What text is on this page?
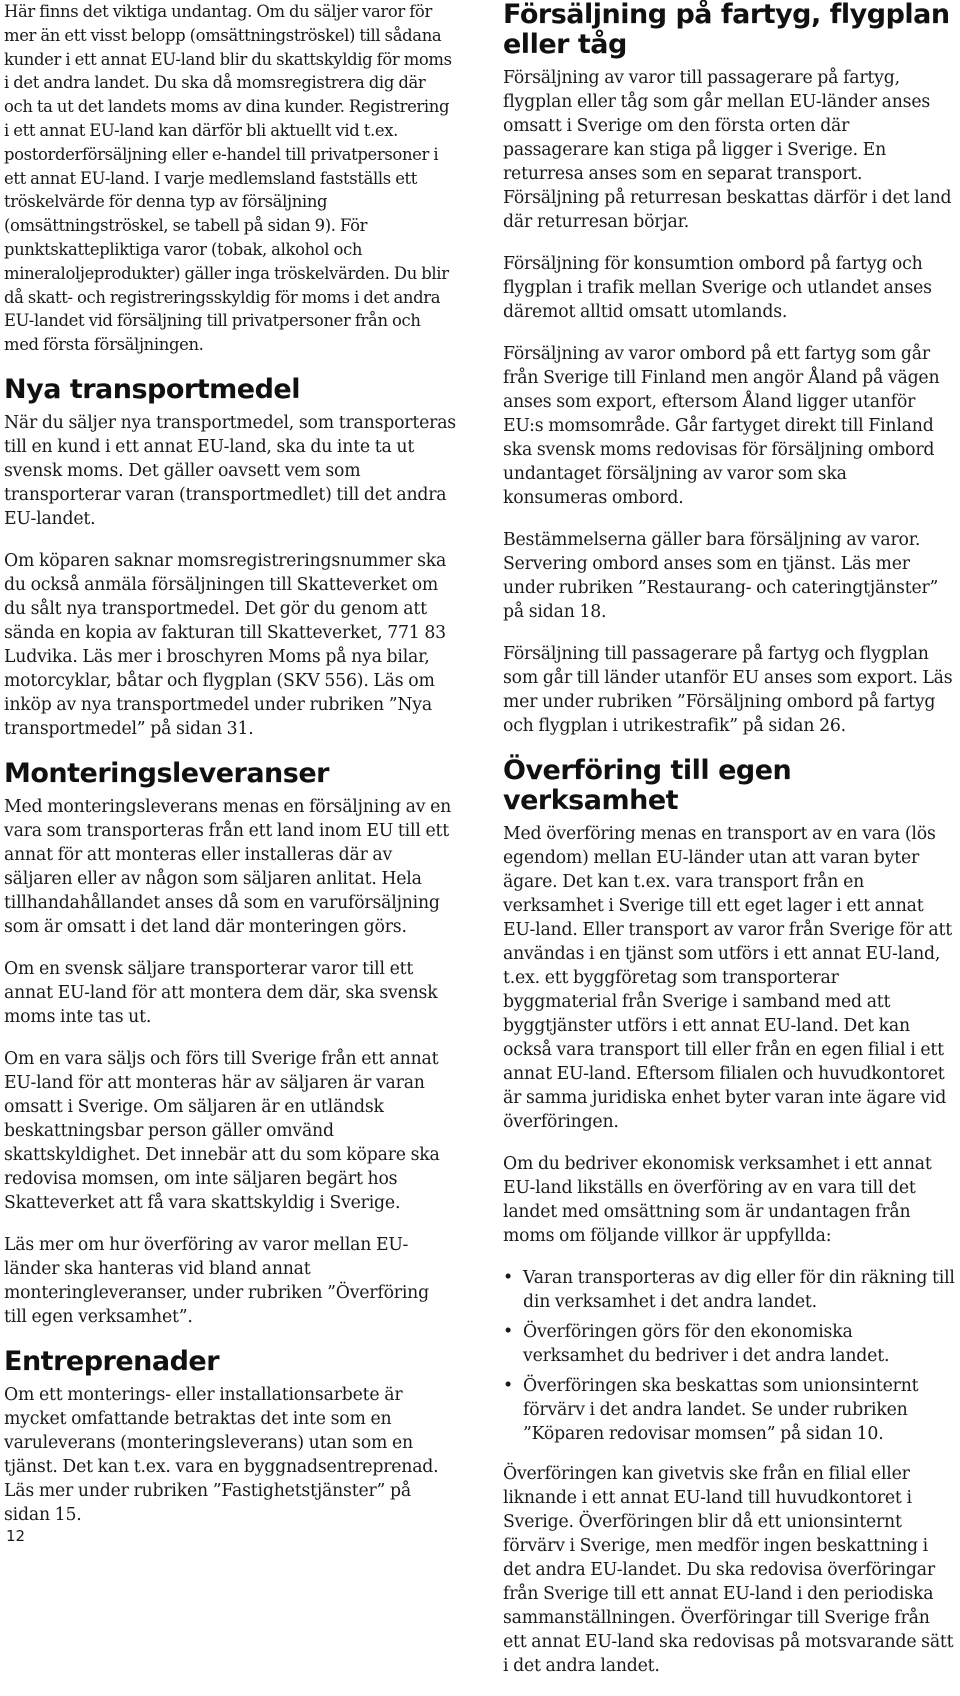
Här finns det viktiga undantag. Om du säljer varor för mer än ett visst belopp (omsättningströskel) till sådana kunder i ett annat EU-land blir du skattskyldig för moms i det andra landet. Du ska då momsregistrera dig där och ta ut det landets moms av dina kunder. Registrering i ett annat EU-land kan därför bli aktuellt vid t.ex. postorderförsäljning eller e-handel till privatpersoner i ett annat EU-land. I varje medlemsland fastställs ett tröskelvärde för denna typ av försäljning (omsättningströskel, se tabell på sidan 9). För punktskattepliktiga varor (tobak, alkohol och mineraloljeprodukter) gäller inga tröskelvärden. Du blir då skatt- och registreringsskyldig för moms i det andra EU-landet vid försäljning till privatpersoner från och med första försäljningen.

Nya transportmedel

När du säljer nya transportmedel, som transporteras till en kund i ett annat EU-land, ska du inte ta ut svensk moms. Det gäller oavsett vem som transporterar varan (transportmedlet) till det andra EU-landet.

Om köparen saknar momsregistreringsnummer ska du också anmäla försäljningen till Skatteverket om du sålt nya transportmedel. Det gör du genom att sända en kopia av fakturan till Skatteverket, 771 83 Ludvika. Läs mer i broschyren Moms på nya bilar, motorcyklar, båtar och flygplan (SKV 556). Läs om inköp av nya transportmedel under rubriken ”Nya transportmedel” på sidan 31.

Monteringsleveranser

Med monteringsleverans menas en försäljning av en vara som transporteras från ett land inom EU till ett annat för att monteras eller installeras där av säljaren eller av någon som säljaren anlitat. Hela tillhandahållandet anses då som en varuförsäljning som är omsatt i det land där monteringen görs.

Om en svensk säljare transporterar varor till ett annat EU-land för att montera dem där, ska svensk moms inte tas ut.

Om en vara säljs och förs till Sverige från ett annat EU-land för att monteras här av säljaren är varan omsatt i Sverige. Om säljaren är en utländsk beskattningsbar person gäller omvänd skattskyldighet. Det innebär att du som köpare ska redovisa momsen, om inte säljaren begärt hos Skatteverket att få vara skattskyldig i Sverige.

Läs mer om hur överföring av varor mellan EU-länder ska hanteras vid bland annat monteringleveranser, under rubriken ”Överföring till egen verksamhet”.

Entreprenader

Om ett monterings- eller installationsarbete är mycket omfattande betraktas det inte som en varuleverans (monteringsleverans) utan som en tjänst. Det kan t.ex. vara en byggnadsentreprenad. Läs mer under rubriken ”Fastighetstjänster” på sidan 15.

Försäljning på fartyg, flygplan eller tåg

Försäljning av varor till passagerare på fartyg, flygplan eller tåg som går mellan EU-länder anses omsatt i Sverige om den första orten där passagerare kan stiga på ligger i Sverige. En returresa anses som en separat transport. Försäljning på returresan beskattas därför i det land där returresan börjar.

Försäljning för konsumtion ombord på fartyg och flygplan i trafik mellan Sverige och utlandet anses däremot alltid omsatt utomlands.

Försäljning av varor ombord på ett fartyg som går från Sverige till Finland men angör Åland på vägen anses som export, eftersom Åland ligger utanför EU:s momsområde. Går fartyget direkt till Finland ska svensk moms redovisas för försäljning ombord undantaget försäljning av varor som ska konsumeras ombord.

Bestämmelserna gäller bara försäljning av varor. Servering ombord anses som en tjänst. Läs mer under rubriken ”Restaurang- och cateringtjänster” på sidan 18.

Försäljning till passagerare på fartyg och flygplan som går till länder utanför EU anses som export. Läs mer under rubriken ”Försäljning ombord på fartyg och flygplan i utrikestrafik” på sidan 26.

Överföring till egen verksamhet

Med överföring menas en transport av en vara (lös egendom) mellan EU-länder utan att varan byter ägare. Det kan t.ex. vara transport från en verksamhet i Sverige till ett eget lager i ett annat EU-land. Eller transport av varor från Sverige för att användas i en tjänst som utförs i ett annat EU-land, t.ex. ett byggföretag som transporterar byggmaterial från Sverige i samband med att byggtjänster utförs i ett annat EU-land. Det kan också vara transport till eller från en egen filial i ett annat EU-land. Eftersom filialen och huvudkontoret är samma juridiska enhet byter varan inte ägare vid överföringen.

Om du bedriver ekonomisk verksamhet i ett annat EU-land likställs en överföring av en vara till det landet med omsättning som är undantagen från moms om följande villkor är uppfyllda:

• Varan transporteras av dig eller för din räkning till din verksamhet i det andra landet.
• Överföringen görs för den ekonomiska verksamhet du bedriver i det andra landet.
• Överföringen ska beskattas som unionsinternt förvärv i det andra landet. Se under rubriken ”Köparen redovisar momsen” på sidan 10.

Överföringen kan givetvis ske från en filial eller liknande i ett annat EU-land till huvudkontoret i Sverige. Överföringen blir då ett unionsinternt förvärv i Sverige, men medför ingen beskattning i det andra EU-landet. Du ska redovisa överföringar från Sverige till ett annat EU-land i den periodiska sammanställningen. Överföringar till Sverige från ett annat EU-land ska redovisas på motsvarande sätt i det andra landet.

12
